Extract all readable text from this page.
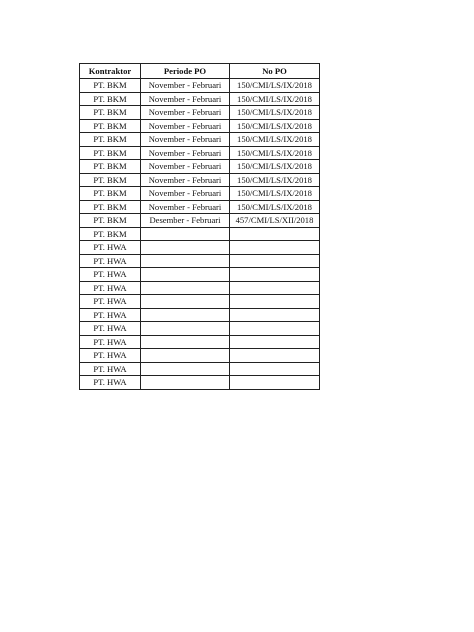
Kontraktor	Periode PO	No PO
PT. BKM	November - Februari	150/CMI/LS/IX/2018
PT. BKM	November - Februari	150/CMI/LS/IX/2018
PT. BKM	November - Februari	150/CMI/LS/IX/2018
PT. BKM	November - Februari	150/CMI/LS/IX/2018
PT. BKM	November - Februari	150/CMI/LS/IX/2018
PT. BKM	November - Februari	150/CMI/LS/IX/2018
PT. BKM	November - Februari	150/CMI/LS/IX/2018
PT. BKM	November - Februari	150/CMI/LS/IX/2018
PT. BKM	November - Februari	150/CMI/LS/IX/2018
PT. BKM	November - Februari	150/CMI/LS/IX/2018
PT. BKM	Desember - Februari	457/CMI/LS/XII/2018
PT. BKM		
PT. HWA		
PT. HWA		
PT. HWA		
PT. HWA		
PT. HWA		
PT. HWA		
PT. HWA		
PT. HWA		
PT. HWA		
PT. HWA		
PT. HWA		
